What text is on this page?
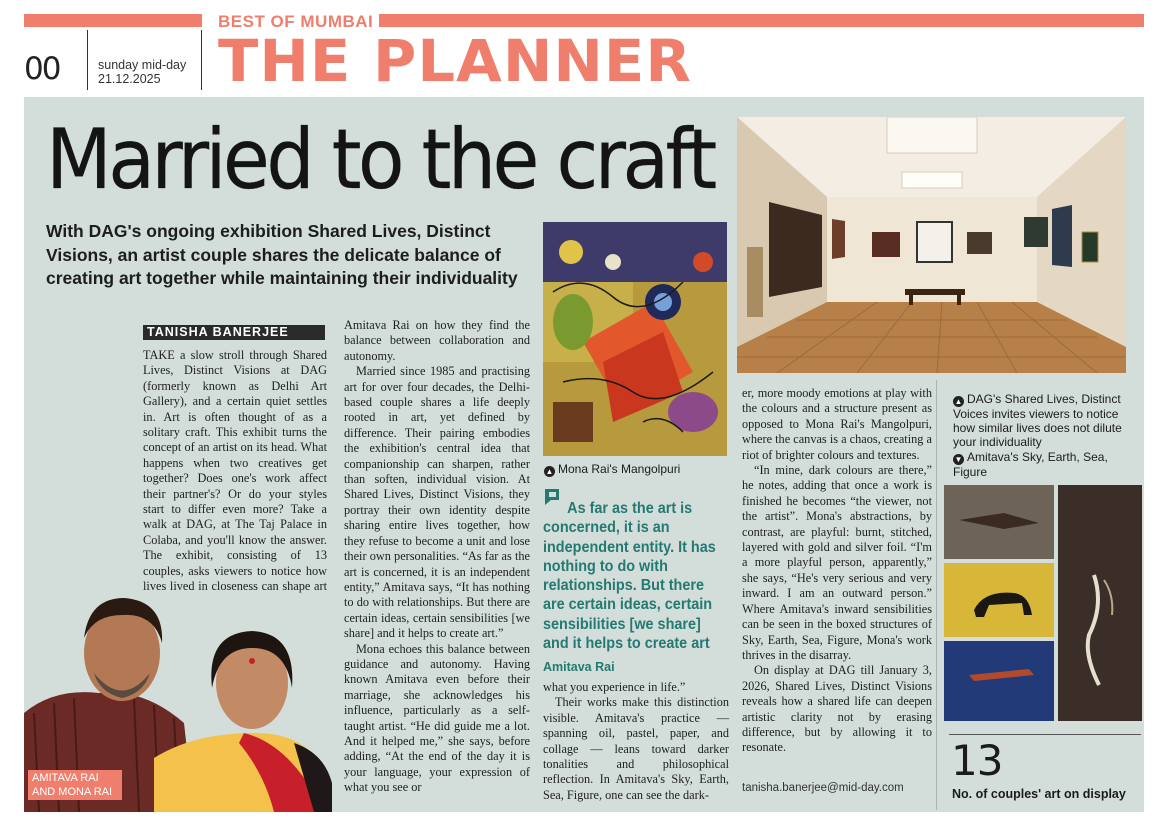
BEST OF MUMBAI
00	sunday mid-day
21.12.2025 THE PLANNER
Married to the craft
With DAG's ongoing exhibition Shared Lives, Distinct Visions, an artist couple shares the delicate balance of creating art together while maintaining their individuality
TANISHA BANERJEE

TAKE a slow stroll through Shared Lives, Distinct Visions at DAG (formerly known as Delhi Art Gallery), and a certain quiet settles in. Art is often thought of as a solitary craft. This exhibit turns the concept of an artist on its head. What happens when two creatives get together? Does one's work affect their partner's? Or do your styles start to differ even more? Take a walk at DAG, at The Taj Palace in Colaba, and you'll know the answer. The exhibit, consisting of 13 couples, asks viewers to notice how lives lived in closeness can shape art

Amitava Rai on how they find the balance between collaboration and autonomy.

Married since 1985 and practising art for over four decades, the Delhi-based couple shares a life deeply rooted in art, yet defined by difference. Their pairing embodies the exhibition's central idea that companionship can sharpen, rather than soften, individual vision. At Shared Lives, Distinct Visions, they portray their own identity despite sharing entire lives together, how they refuse to become a unit and lose their own personalities. “As far as the art is concerned, it is an independent entity,” Amitava says, “It has nothing to do with relationships. But there are certain ideas, certain sensibilities [we share] and it helps to create art.”

Mona echoes this balance between guidance and autonomy. Having known Amitava even before their marriage, she acknowledges his influence, particularly as a self-taught artist. “He did guide me a lot. And it helped me,” she says, before adding, “At the end of the day it is your language, your expression of what you see or

AMITAVA RAI
AND MONA RAI
▲ Mona Rai's Mangolpuri
As far as the art is concerned, it is an independent entity. It has nothing to do with relationships. But there are certain ideas, certain sensibilities [we share] and it helps to create art
Amitava Rai

what you experience in life.”

Their works make this distinction visible. Amitava's practice — spanning oil, pastel, paper, and collage — leans toward darker tonalities and philosophical reflection. In Amitava's Sky, Earth, Sea, Figure, one can see the dark-

er, more moody emotions at play with the colours and a structure present as opposed to Mona Rai's Mangolpuri, where the canvas is a chaos, creating a riot of brighter colours and textures.

“In mine, dark colours are there,” he notes, adding that once a work is finished he becomes “the viewer, not the artist”. Mona's abstractions, by contrast, are playful: burnt, stitched, layered with gold and silver foil. “I'm a more playful person, apparently,” she says, “He's very serious and very inward. I am an outward person.” Where Amitava's inward sensibilities can be seen in the boxed structures of Sky, Earth, Sea, Figure, Mona's work thrives in the disarray.

On display at DAG till January 3, 2026, Shared Lives, Distinct Visions reveals how a shared life can deepen artistic clarity not by erasing difference, but by allowing it to resonate.

tanisha.banerjee@mid-day.com
▲ DAG's Shared Lives, Distinct Voices invites viewers to notice how similar lives does not dilute your individuality
▼ Amitava's Sky, Earth, Sea, Figure
13
No. of couples' art on display
